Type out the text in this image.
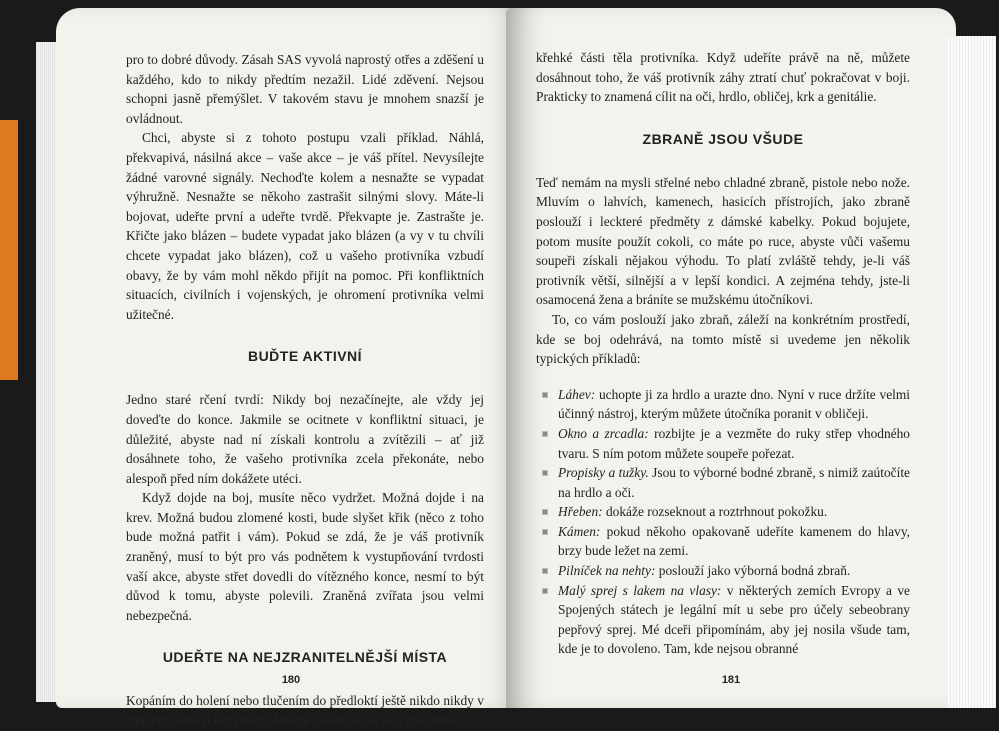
pro to dobré důvody. Zásah SAS vyvolá naprostý otřes a zděšení u každého, kdo to nikdy předtím nezažil. Lidé zděvení. Nejsou schopni jasně přemýšlet. V takovém stavu je mnohem snazší je ovládnout.

Chci, abyste si z tohoto postupu vzali příklad. Náhlá, překvapivá, násilná akce – vaše akce – je váš přítel. Nevysílejte žádné varovné signály. Nechoďte kolem a nesnažte se vypadat výhružně. Nesnažte se někoho zastrašit silnými slovy. Máte-li bojovat, udeřte první a udeřte tvrdě. Překvapte je. Zastrašte je. Křičte jako blázen – budete vypadat jako blázen (a vy v tu chvíli chcete vypadat jako blázen), což u vašeho protivníka vzbudí obavy, že by vám mohl někdo přijít na pomoc. Při konfliktních situacích, civilních i vojenských, je ohromení protivníka velmi užitečné.

BUĎTE AKTIVNÍ

Jedno staré rčení tvrdí: Nikdy boj nezačínejte, ale vždy jej doveďte do konce. Jakmile se ocitnete v konfliktní situaci, je důležité, abyste nad ní získali kontrolu a zvítězili – ať již dosáhnete toho, že vašeho protivníka zcela překonáte, nebo alespoň před ním dokážete utéci.

Když dojde na boj, musíte něco vydržet. Možná dojde i na krev. Možná budou zlomené kosti, bude slyšet křik (něco z toho bude možná patřit i vám). Pokud se zdá, že je váš protivník zraněný, musí to být pro vás podnětem k vystupňování tvrdosti vaší akce, abyste střet dovedli do vítězného konce, nesmí to být důvod k tomu, abyste polevili. Zraněná zvířata jsou velmi nebezpečná.

UDEŘTE NA NEJZRANITELNĚJŠÍ MÍSTA

Kopáním do holení nebo tlučením do předloktí ještě nikdo nikdy v žádném souboji nezvítězil. Musíte útočit na nejvíce zranitelné

180

křehké části těla protivníka. Když udeříte právě na ně, můžete dosáhnout toho, že váš protivník záhy ztratí chuť pokračovat v boji. Prakticky to znamená cílit na oči, hrdlo, obličej, krk a genitálie.

ZBRANĚ JSOU VŠUDE

Teď nemám na mysli střelné nebo chladné zbraně, pistole nebo nože. Mluvím o lahvích, kamenech, hasicích přístrojích, jako zbraně poslouží i leckteré předměty z dámské kabelky. Pokud bojujete, potom musíte použít cokoli, co máte po ruce, abyste vůči vašemu soupeři získali nějakou výhodu. To platí zvláště tehdy, je-li váš protivník větší, silnější a v lepší kondici. A zejména tehdy, jste-li osamocená žena a bráníte se mužskému útočníkovi.

To, co vám poslouží jako zbraň, záleží na konkrétním prostředí, kde se boj odehrává, na tomto místě si uvedeme jen několik typických příkladů:

Láhev: uchopte ji za hrdlo a urazte dno. Nyní v ruce držíte velmi účinný nástroj, kterým můžete útočníka poranit v obličeji.
Okno a zrcadla: rozbijte je a vezměte do ruky střep vhodného tvaru. S ním potom můžete soupeře pořezat.
Propisky a tužky. Jsou to výborné bodné zbraně, s nimiž zaútočíte na hrdlo a oči.
Hřeben: dokáže rozseknout a roztrhnout pokožku.
Kámen: pokud někoho opakovaně udeříte kamenem do hlavy, brzy bude ležet na zemi.
Pilníček na nehty: poslouží jako výborná bodná zbraň.
Malý sprej s lakem na vlasy: v některých zemích Evropy a ve Spojených státech je legální mít u sebe pro účely sebeobrany pepřový sprej. Mé dceři připomínám, aby jej nosila všude tam, kde je to dovoleno. Tam, kde nejsou obranné
181
